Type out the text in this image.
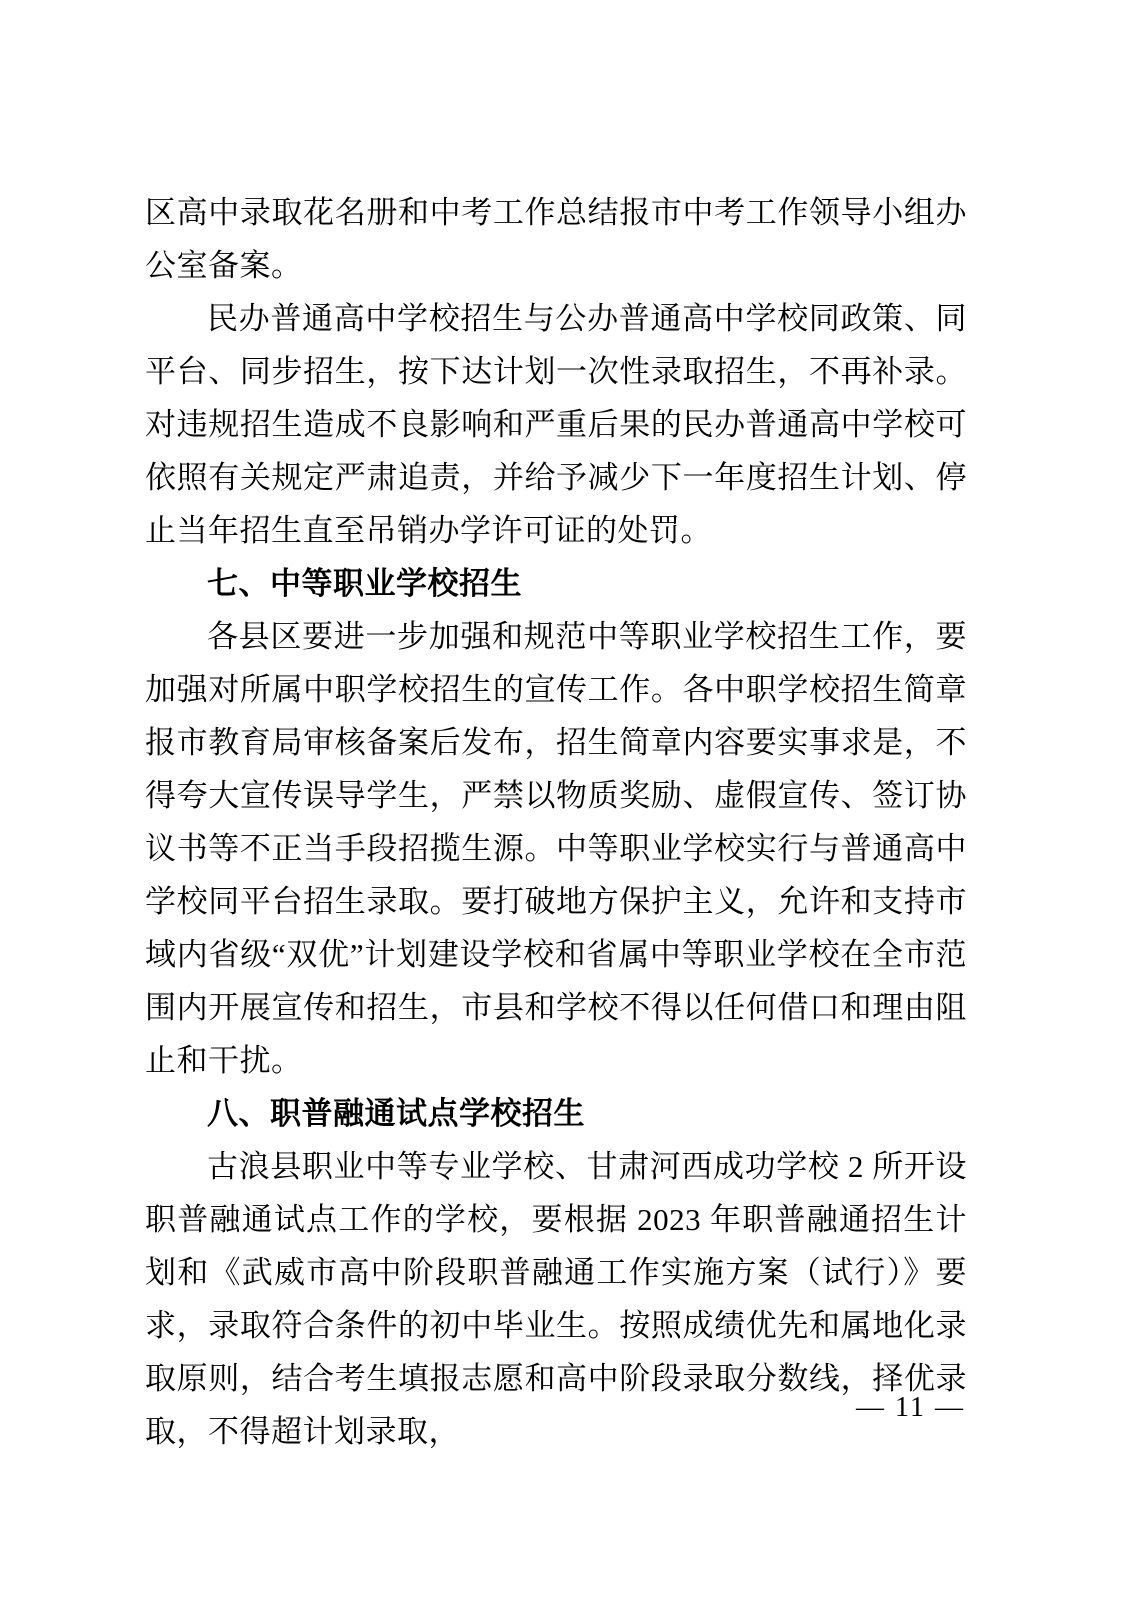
区高中录取花名册和中考工作总结报市中考工作领导小组办公室备案。

民办普通高中学校招生与公办普通高中学校同政策、同平台、同步招生，按下达计划一次性录取招生，不再补录。对违规招生造成不良影响和严重后果的民办普通高中学校可依照有关规定严肃追责，并给予减少下一年度招生计划、停止当年招生直至吊销办学许可证的处罚。

七、中等职业学校招生

各县区要进一步加强和规范中等职业学校招生工作，要加强对所属中职学校招生的宣传工作。各中职学校招生简章报市教育局审核备案后发布，招生简章内容要实事求是，不得夸大宣传误导学生，严禁以物质奖励、虚假宣传、签订协议书等不正当手段招揽生源。中等职业学校实行与普通高中学校同平台招生录取。要打破地方保护主义，允许和支持市域内省级“双优”计划建设学校和省属中等职业学校在全市范围内开展宣传和招生，市县和学校不得以任何借口和理由阻止和干扰。

八、职普融通试点学校招生

古浪县职业中等专业学校、甘肃河西成功学校 2 所开设职普融通试点工作的学校，要根据 2023 年职普融通招生计划和《武威市高中阶段职普融通工作实施方案（试行）》要求，录取符合条件的初中毕业生。按照成绩优先和属地化录取原则，结合考生填报志愿和高中阶段录取分数线，择优录取，不得超计划录取，

— 11 —
